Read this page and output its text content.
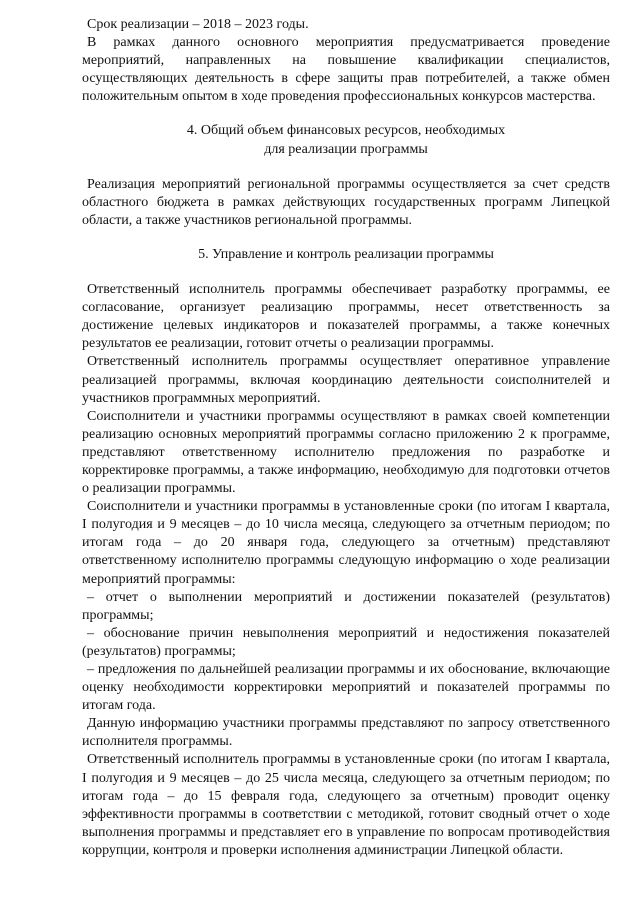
Срок реализации – 2018 – 2023 годы.

В рамках данного основного мероприятия предусматривается проведение мероприятий, направленных на повышение квалификации специалистов, осуществляющих деятельность в сфере защиты прав потребителей, а также обмен положительным опытом в ходе проведения профессиональных конкурсов мастерства.

4. Общий объем финансовых ресурсов, необходимых
для реализации программы

Реализация мероприятий региональной программы осуществляется за счет средств областного бюджета в рамках действующих государственных программ Липецкой области, а также участников региональной программы.

5. Управление и контроль реализации программы

Ответственный исполнитель программы обеспечивает разработку программы, ее согласование, организует реализацию программы, несет ответственность за достижение целевых индикаторов и показателей программы, а также конечных результатов ее реализации, готовит отчеты о реализации программы.

Ответственный исполнитель программы осуществляет оперативное управление реализацией программы, включая координацию деятельности соисполнителей и участников программных мероприятий.

Соисполнители и участники программы осуществляют в рамках своей компетенции реализацию основных мероприятий программы согласно приложению 2 к программе, представляют ответственному исполнителю предложения по разработке и корректировке программы, а также информацию, необходимую для подготовки отчетов о реализации программы.

Соисполнители и участники программы в установленные сроки (по итогам I квартала, I полугодия и 9 месяцев – до 10 числа месяца, следующего за отчетным периодом; по итогам года – до 20 января года, следующего за отчетным) представляют ответственному исполнителю программы следующую информацию о ходе реализации мероприятий программы:

– отчет о выполнении мероприятий и достижении показателей (результатов) программы;

– обоснование причин невыполнения мероприятий и недостижения показателей (результатов) программы;

– предложения по дальнейшей реализации программы и их обоснование, включающие оценку необходимости корректировки мероприятий и показателей программы по итогам года.

Данную информацию участники программы представляют по запросу ответственного исполнителя программы.

Ответственный исполнитель программы в установленные сроки (по итогам I квартала, I полугодия и 9 месяцев – до 25 числа месяца, следующего за отчетным периодом; по итогам года – до 15 февраля года, следующего за отчетным) проводит оценку эффективности программы в соответствии с методикой, готовит сводный отчет о ходе выполнения программы и представляет его в управление по вопросам противодействия коррупции, контроля и проверки исполнения администрации Липецкой области.
